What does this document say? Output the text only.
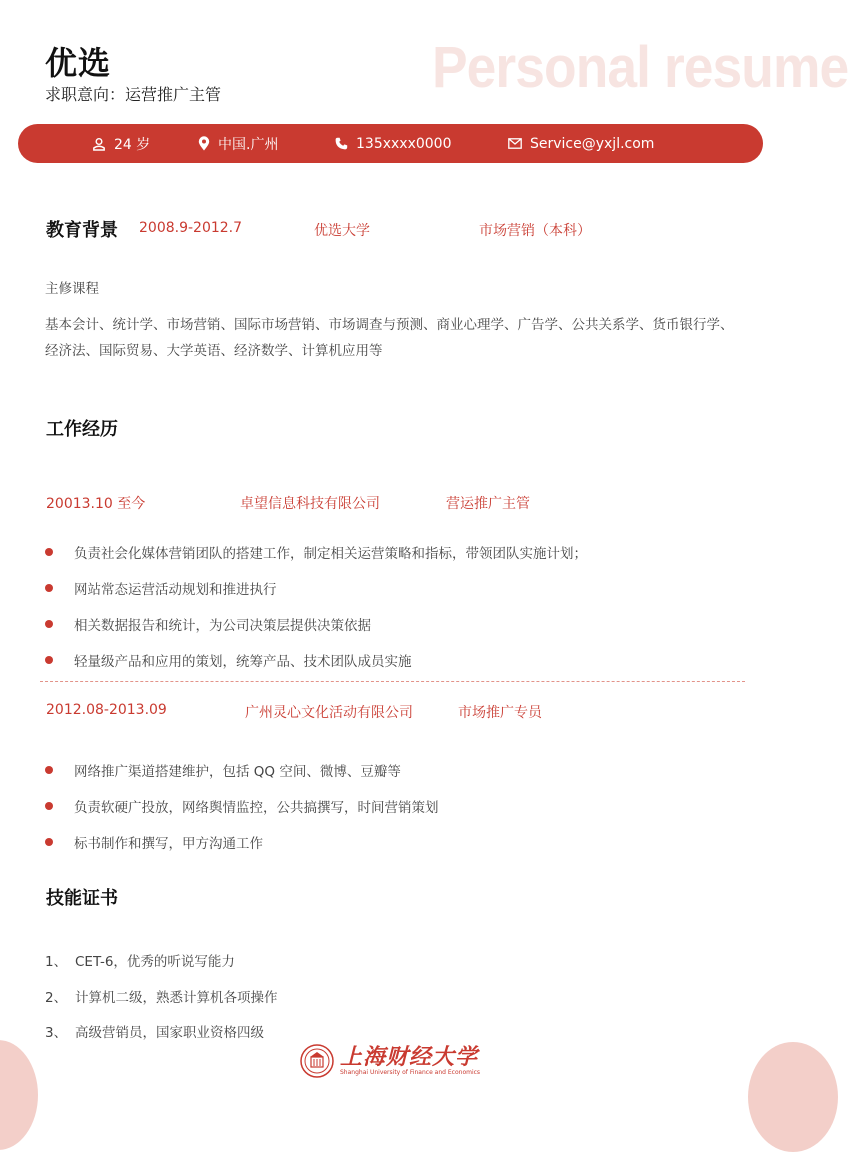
Personal resume
优选
求职意向：运营推广主管
24 岁	中国.广州	135xxxx0000	Service@yxjl.com
教育背景 2008.9-2012.7	优选大学	市场营销（本科）
主修课程
基本会计、统计学、市场营销、国际市场营销、市场调查与预测、商业心理学、广告学、公共关系学、货币银行学、
经济法、国际贸易、大学英语、经济数学、计算机应用等
工作经历
20013.10 至今	卓望信息科技有限公司	营运推广主管
负责社会化媒体营销团队的搭建工作，制定相关运营策略和指标，带领团队实施计划；
网站常态运营活动规划和推进执行
相关数据报告和统计，为公司决策层提供决策依据
轻量级产品和应用的策划，统筹产品、技术团队成员实施
2012.08-2013.09	广州灵心文化活动有限公司	市场推广专员
网络推广渠道搭建维护，包括 QQ 空间、微博、豆瓣等
负责软硬广投放，网络舆情监控，公共搞撰写，时间营销策划
标书制作和撰写，甲方沟通工作
技能证书
1、 CET-6，优秀的听说写能力
2、 计算机二级，熟悉计算机各项操作
3、 高级营销员，国家职业资格四级
上海财经大学
Shanghai University of Finance and Economics
